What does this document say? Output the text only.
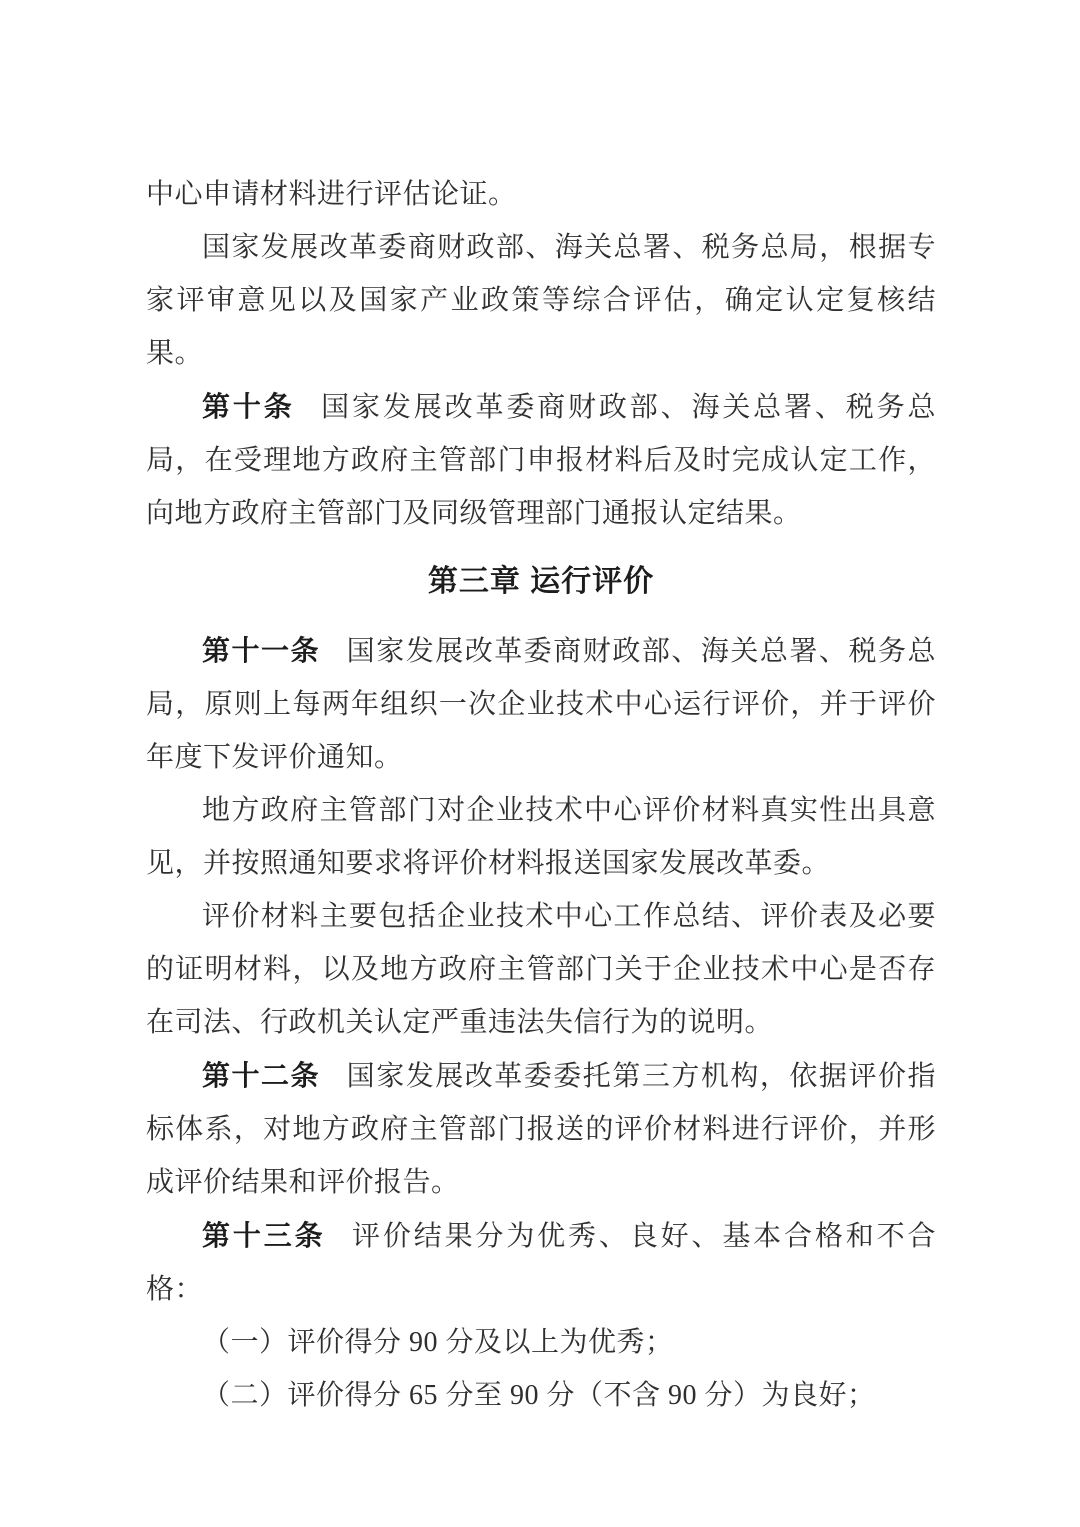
中心申请材料进行评估论证。

国家发展改革委商财政部、海关总署、税务总局，根据专家评审意见以及国家产业政策等综合评估，确定认定复核结果。

第十条 国家发展改革委商财政部、海关总署、税务总局，在受理地方政府主管部门申报材料后及时完成认定工作，向地方政府主管部门及同级管理部门通报认定结果。

第三章 运行评价

第十一条 国家发展改革委商财政部、海关总署、税务总局，原则上每两年组织一次企业技术中心运行评价，并于评价年度下发评价通知。

地方政府主管部门对企业技术中心评价材料真实性出具意见，并按照通知要求将评价材料报送国家发展改革委。

评价材料主要包括企业技术中心工作总结、评价表及必要的证明材料，以及地方政府主管部门关于企业技术中心是否存在司法、行政机关认定严重违法失信行为的说明。

第十二条 国家发展改革委委托第三方机构，依据评价指标体系，对地方政府主管部门报送的评价材料进行评价，并形成评价结果和评价报告。

第十三条 评价结果分为优秀、良好、基本合格和不合格：

（一）评价得分 90 分及以上为优秀；

（二）评价得分 65 分至 90 分（不含 90 分）为良好；
